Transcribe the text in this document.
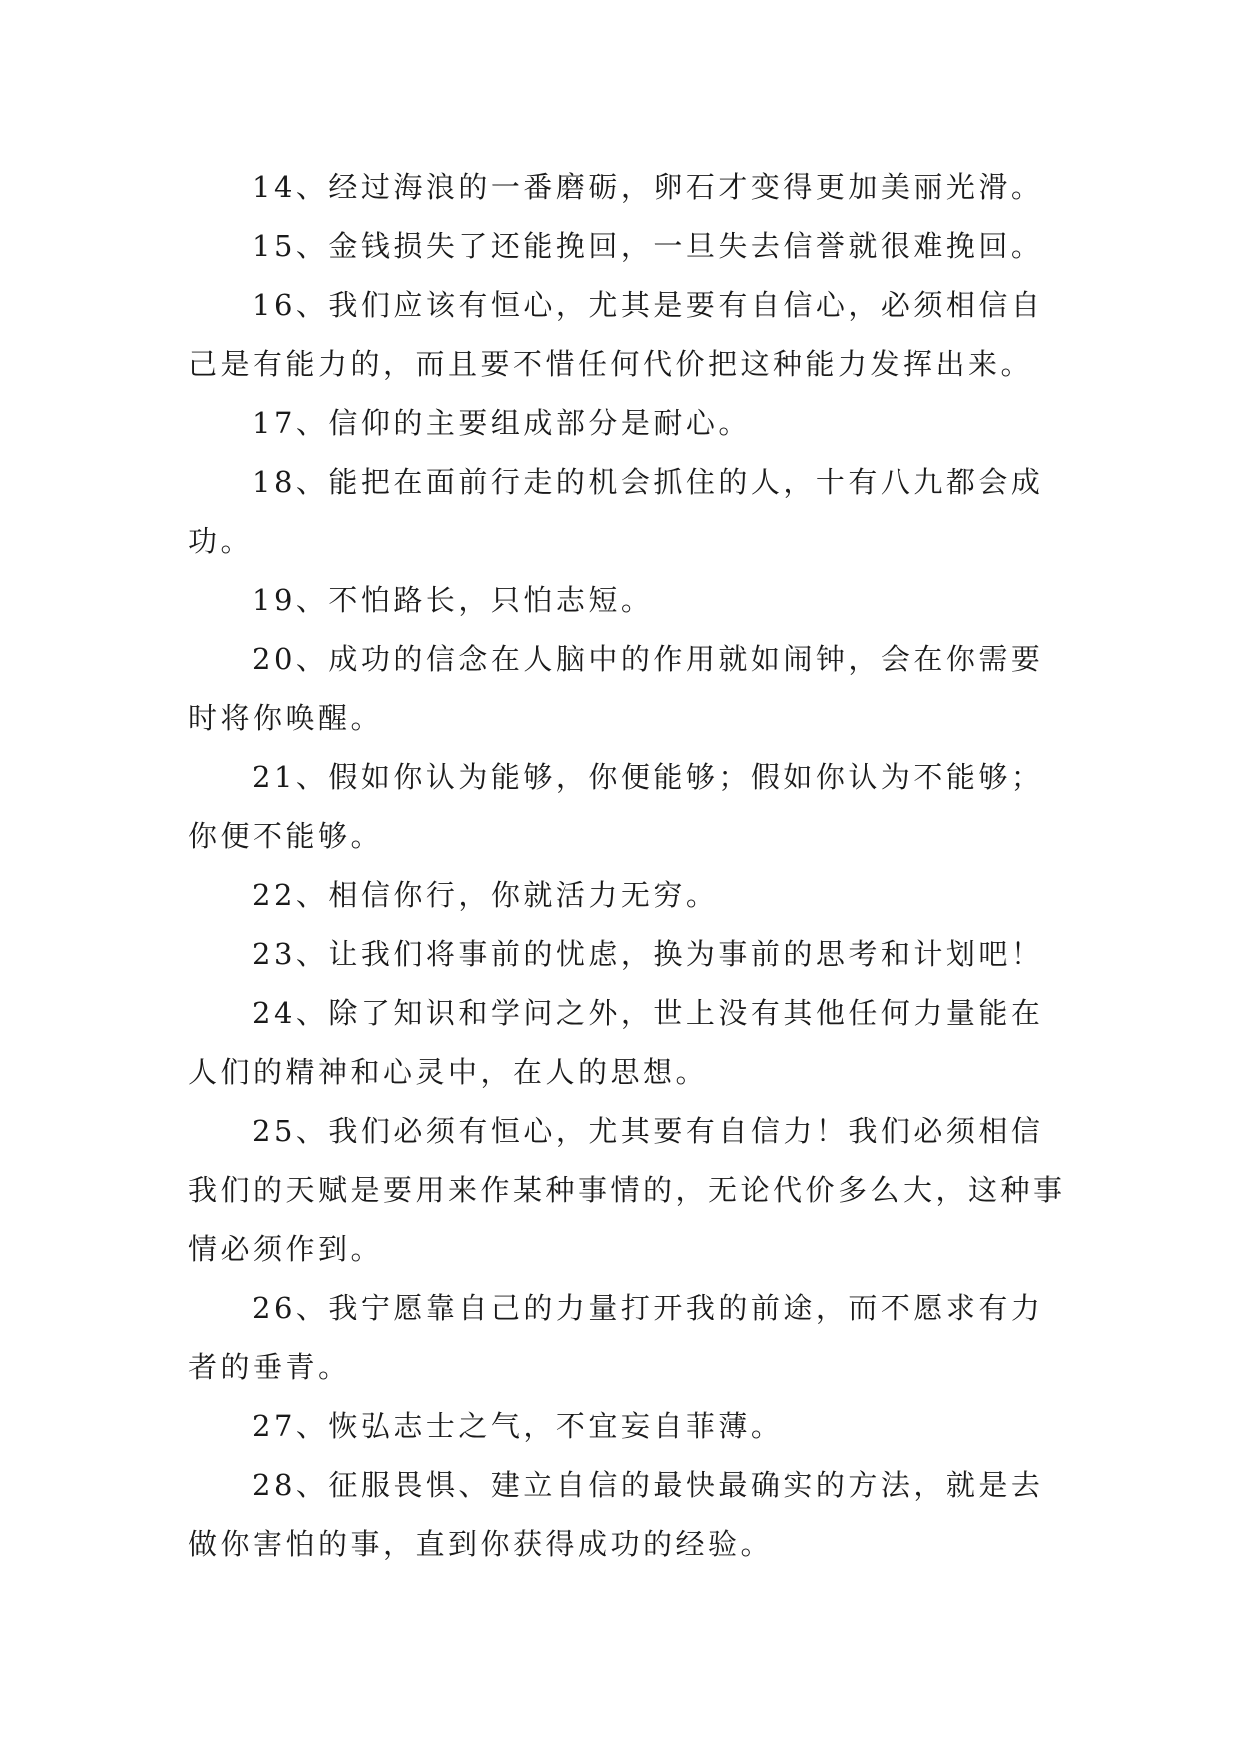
14、经过海浪的一番磨砺，卵石才变得更加美丽光滑。

15、金钱损失了还能挽回，一旦失去信誉就很难挽回。

16、我们应该有恒心，尤其是要有自信心，必须相信自己是有能力的，而且要不惜任何代价把这种能力发挥出来。

17、信仰的主要组成部分是耐心。

18、能把在面前行走的机会抓住的人，十有八九都会成功。

19、不怕路长，只怕志短。

20、成功的信念在人脑中的作用就如闹钟，会在你需要时将你唤醒。

21、假如你认为能够，你便能够；假如你认为不能够；你便不能够。

22、相信你行，你就活力无穷。

23、让我们将事前的忧虑，换为事前的思考和计划吧！

24、除了知识和学问之外，世上没有其他任何力量能在人们的精神和心灵中，在人的思想。

25、我们必须有恒心，尤其要有自信力！我们必须相信我们的天赋是要用来作某种事情的，无论代价多么大，这种事情必须作到。

26、我宁愿靠自己的力量打开我的前途，而不愿求有力者的垂青。

27、恢弘志士之气，不宜妄自菲薄。

28、征服畏惧、建立自信的最快最确实的方法，就是去做你害怕的事，直到你获得成功的经验。
